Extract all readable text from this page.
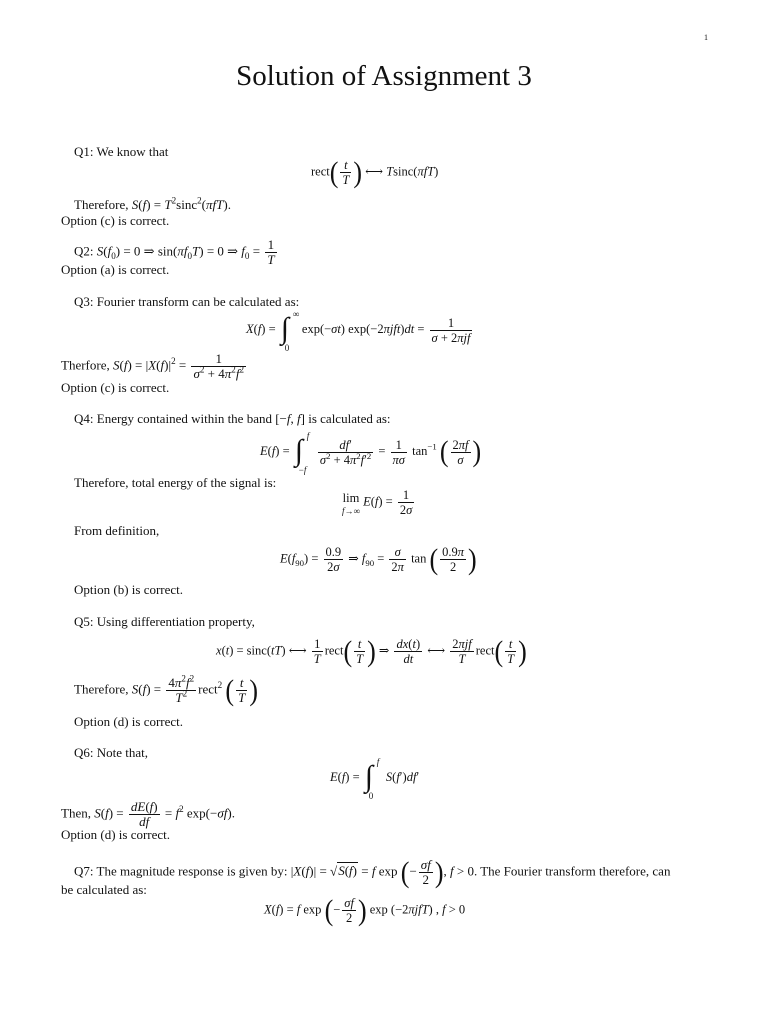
1
Solution of Assignment 3
Q1: We know that
rect( $\frac{t}{T}$ ) ⟷ Tsinc(πfT)
Therefore, $S(f) = T^2\sin c^2(\pi fT)$.
Option (c) is correct.
Q2: $S(f_0) = 0$ ⇒ $\sin(\pi f_0T) = 0$ ⇒ $f_0 = \frac{1}{T}$
Option (a) is correct.
Q3: Fourier transform can be calculated as:
X(f) = ∫ ∞
0
exp(−σt) exp(−2πjft)dt =	1
σ + 2πjf
Therfore, $S(f) = |X(f)|^2 = \frac{1}{\sigma^2 + 4\pi^2f^2}$
Option (c) is correct.
Q4: Energy contained within the band [−f, f] is calculated as:
E(f) = ∫ f
−f

$\frac{df'}{\sigma^2 + 4\pi^2f'^2} = \frac{1}{\pi\sigma} \tan^{-1}$ ( $\frac{2\pi f}{\sigma}$ )
Therefore, total energy of the signal is:
lim
f→∞
$E(f) = \frac{1}{2\sigma}$
From definition,
$E(f_{90}) = \frac{0.9}{2\sigma}$ ⇒ $f_{90} = \frac{\sigma}{2\pi}$ tan ( $\frac{0.9\pi}{2}$ )
Option (b) is correct.
Q5: Using differentiation property,
x(t) = sinc(tT) ⟷ $\frac{1}{T}$ rect( $\frac{t}{T}$ ) ⇒ $\frac{dx(t)}{dt}$ ⟷ 2πjf
T
rect( $\frac{t}{T}$ )
Therefore, $S(f) = \frac{4\pi^2f^2}{T^2}$ rect$^2$ ( $\frac{t}{T}$ )
Option (d) is correct.
Q6: Note that,
E(f) = ∫ f
0
S(f′)df′
Then, $S(f) = \frac{dE(f)}{df} = f^2$ exp(−σf).
Option (d) is correct.
Q7: The magnitude response is given by: |X(f)| = √S(f) = f exp (− $\frac{\sigma f}{2}$ ), f > 0. The Fourier transform therefore, can
be calculated as:
X(f) = f exp (− $\frac{\sigma f}{2}$ ) exp (−2πjfT) , f > 0
